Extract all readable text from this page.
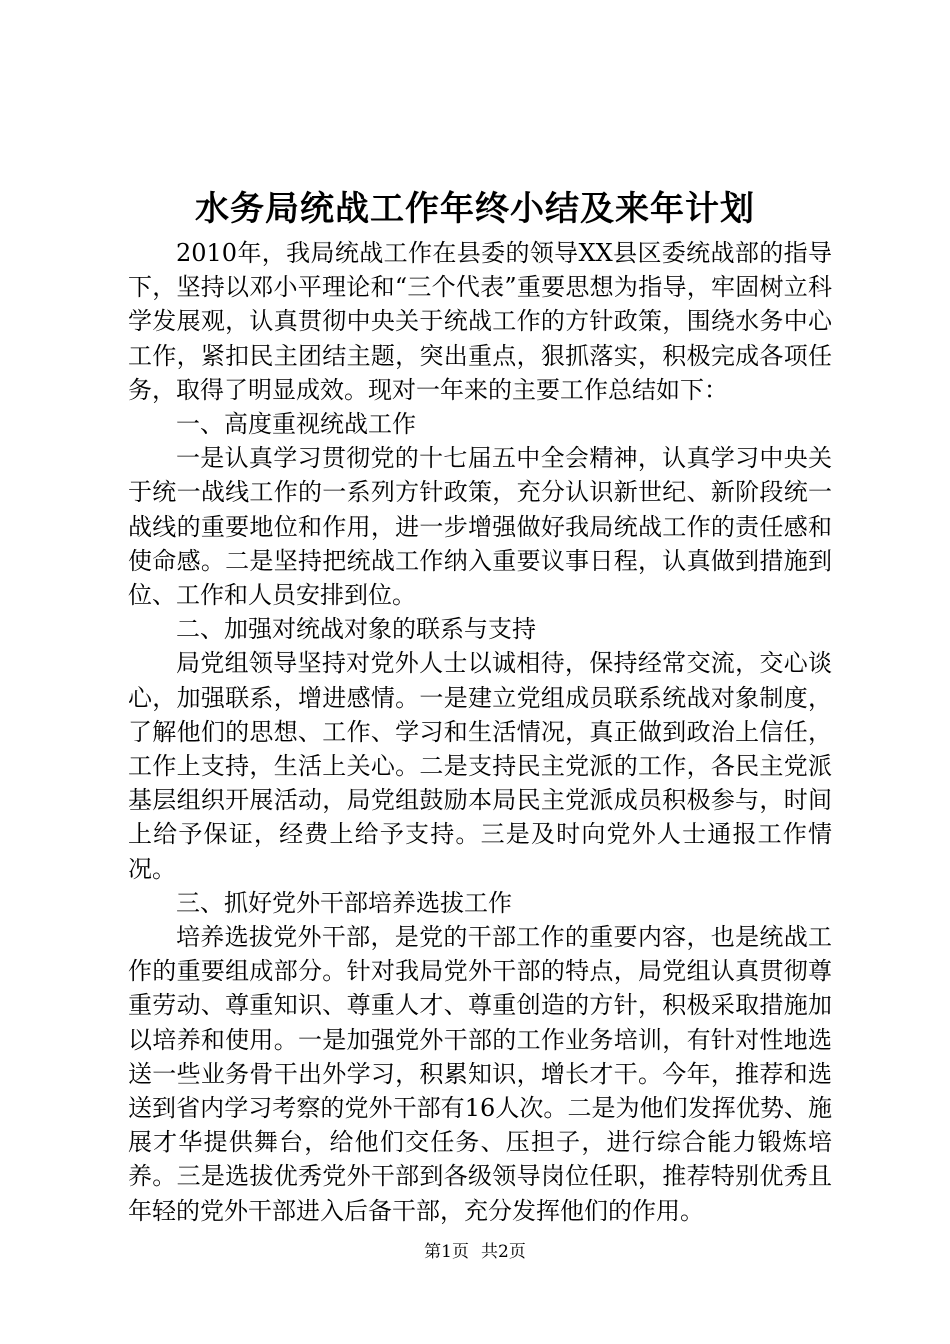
水务局统战工作年终小结及来年计划

2010年，我局统战工作在县委的领导XX县区委统战部的指导下，坚持以邓小平理论和“三个代表”重要思想为指导，牢固树立科学发展观，认真贯彻中央关于统战工作的方针政策，围绕水务中心工作，紧扣民主团结主题，突出重点，狠抓落实，积极完成各项任务，取得了明显成效。现对一年来的主要工作总结如下：

一、高度重视统战工作

一是认真学习贯彻党的十七届五中全会精神，认真学习中央关于统一战线工作的一系列方针政策，充分认识新世纪、新阶段统一战线的重要地位和作用，进一步增强做好我局统战工作的责任感和使命感。二是坚持把统战工作纳入重要议事日程，认真做到措施到位、工作和人员安排到位。

二、加强对统战对象的联系与支持

局党组领导坚持对党外人士以诚相待，保持经常交流，交心谈心，加强联系，增进感情。一是建立党组成员联系统战对象制度，了解他们的思想、工作、学习和生活情况，真正做到政治上信任，工作上支持，生活上关心。二是支持民主党派的工作，各民主党派基层组织开展活动，局党组鼓励本局民主党派成员积极参与，时间上给予保证，经费上给予支持。三是及时向党外人士通报工作情况。

三、抓好党外干部培养选拔工作

培养选拔党外干部，是党的干部工作的重要内容，也是统战工作的重要组成部分。针对我局党外干部的特点，局党组认真贯彻尊重劳动、尊重知识、尊重人才、尊重创造的方针，积极采取措施加以培养和使用。一是加强党外干部的工作业务培训，有针对性地选送一些业务骨干出外学习，积累知识，增长才干。今年，推荐和选送到省内学习考察的党外干部有16人次。二是为他们发挥优势、施展才华提供舞台，给他们交任务、压担子，进行综合能力锻炼培养。三是选拔优秀党外干部到各级领导岗位任职，推荐特别优秀且年轻的党外干部进入后备干部，充分发挥他们的作用。

第1页 共2页
